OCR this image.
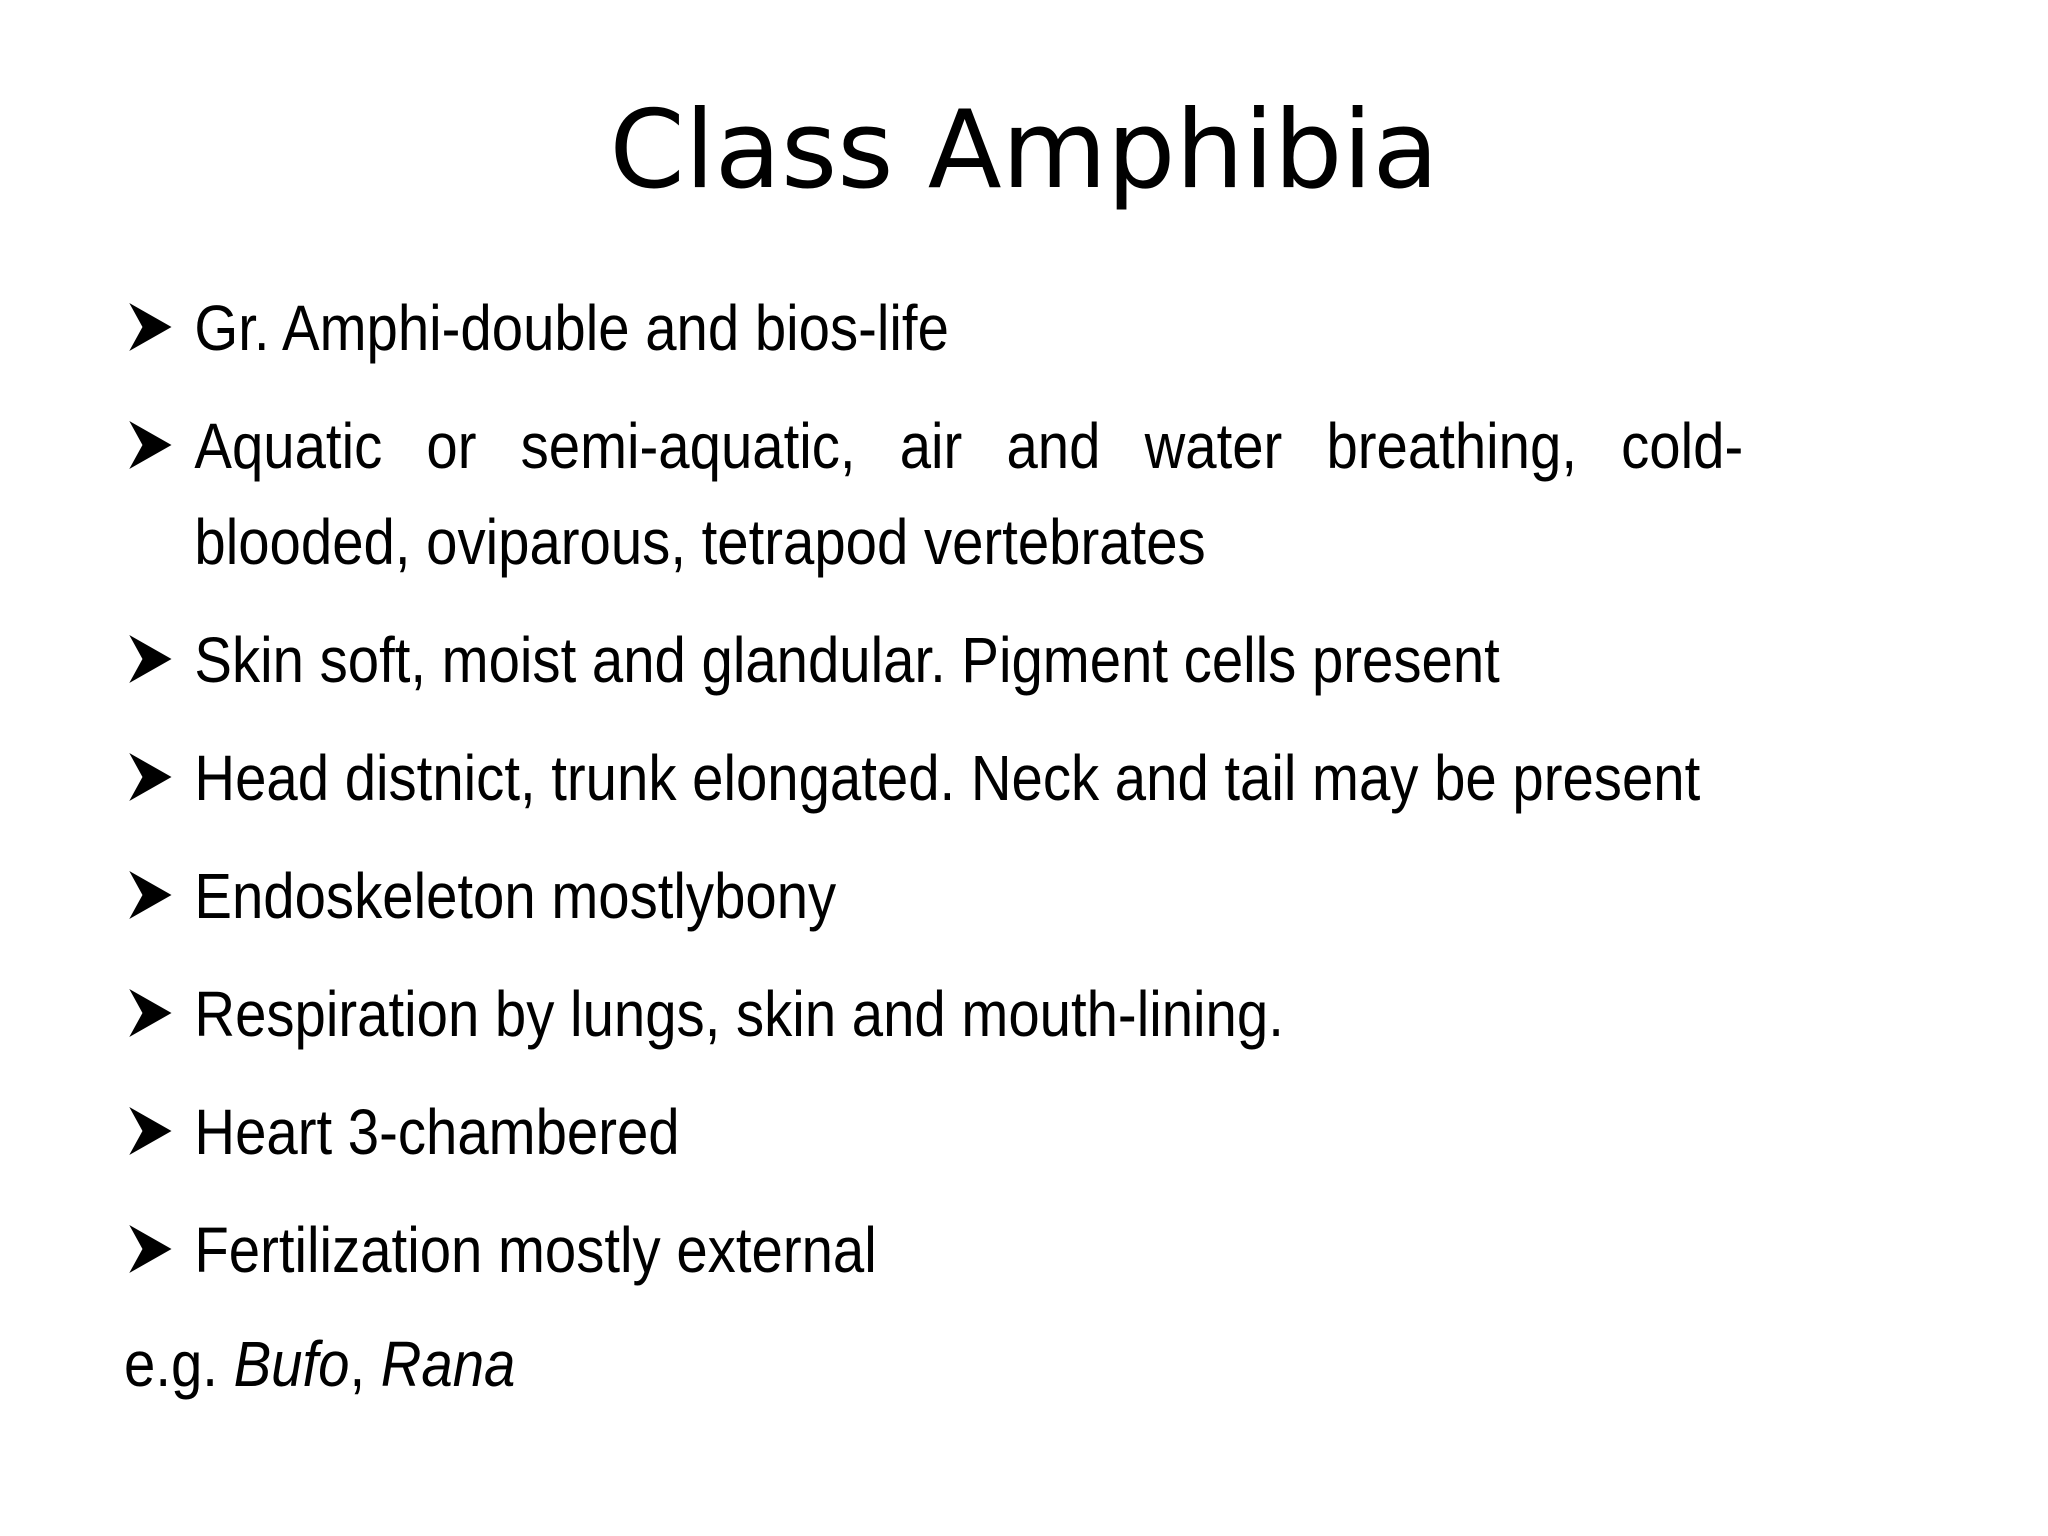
Class Amphibia
Gr. Amphi-double and bios-life
Aquatic or semi-aquatic, air and water breathing, cold-blooded, oviparous, tetrapod vertebrates
Skin soft, moist and glandular. Pigment cells present
Head distnict, trunk elongated. Neck and tail may be present
Endoskeleton mostlybony
Respiration by lungs, skin and mouth-lining.
Heart 3-chambered
Fertilization mostly external

e.g. Bufo, Rana
